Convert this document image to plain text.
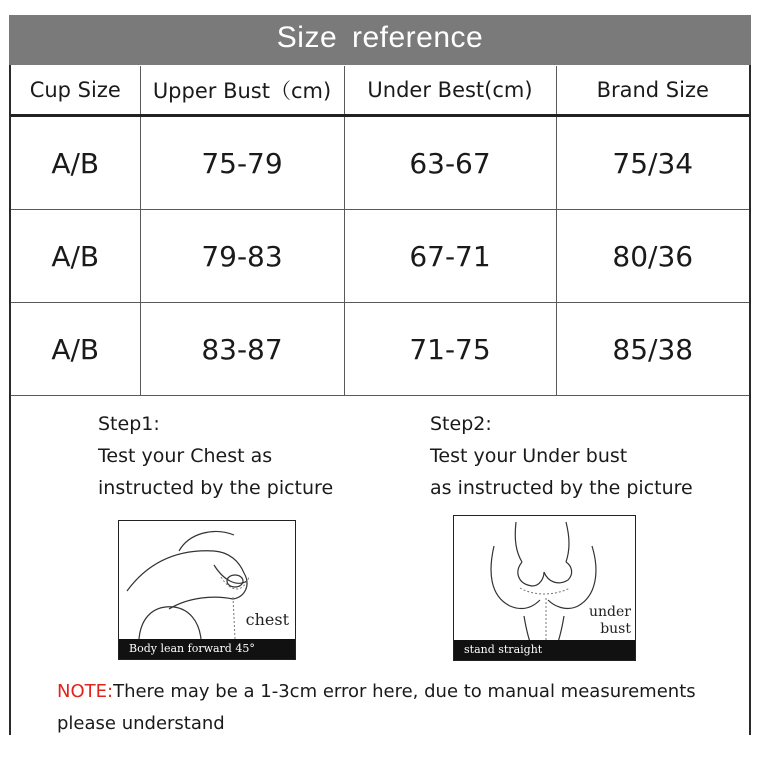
Size reference
Cup Size	Upper Bust（cm)	Under Best(cm)	Brand Size
A/B	75-79	63-67	75/34
A/B	79-83	67-71	80/36
A/B	83-87	71-75	85/38
Step1:
Test your Chest as
instructed by the picture
Step2:
Test your Under bust
as instructed by the picture
chest
Body lean forward 45°
under
bust
stand straight
NOTE:There may be a 1-3cm error here, due to manual measurements
please understand
